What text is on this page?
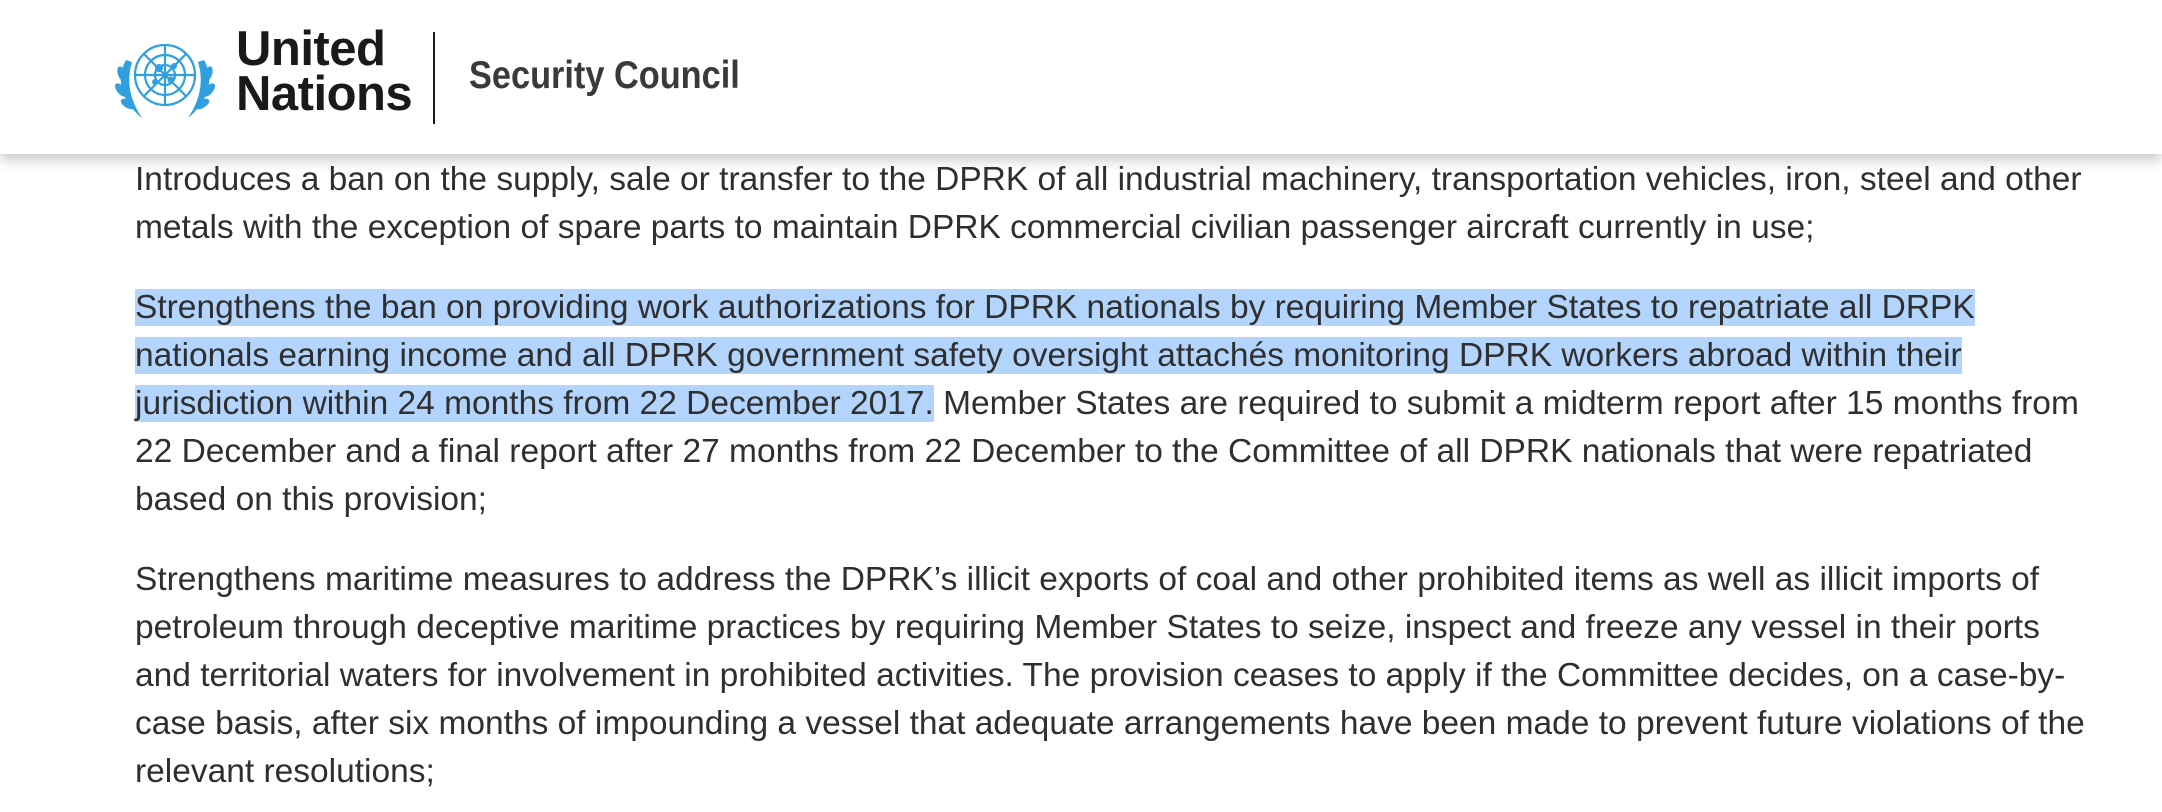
Introduces a ban on the supply, sale or transfer to the DPRK of all industrial machinery, transportation vehicles, iron, steel and other metals with the exception of spare parts to maintain DPRK commercial civilian passenger aircraft currently in use;

Strengthens the ban on providing work authorizations for DPRK nationals by requiring Member States to repatriate all DRPK nationals earning income and all DPRK government safety oversight attachés monitoring DPRK workers abroad within their jurisdiction within 24 months from 22 December 2017. Member States are required to submit a midterm report after 15 months from 22 December and a final report after 27 months from 22 December to the Committee of all DPRK nationals that were repatriated based on this provision;

Strengthens maritime measures to address the DPRK’s illicit exports of coal and other prohibited items as well as illicit imports of petroleum through deceptive maritime practices by requiring Member States to seize, inspect and freeze any vessel in their ports and territorial waters for involvement in prohibited activities. The provision ceases to apply if the Committee decides, on a case-by-case basis, after six months of impounding a vessel that adequate arrangements have been made to prevent future violations of the relevant resolutions;

United
Nations Security Council
